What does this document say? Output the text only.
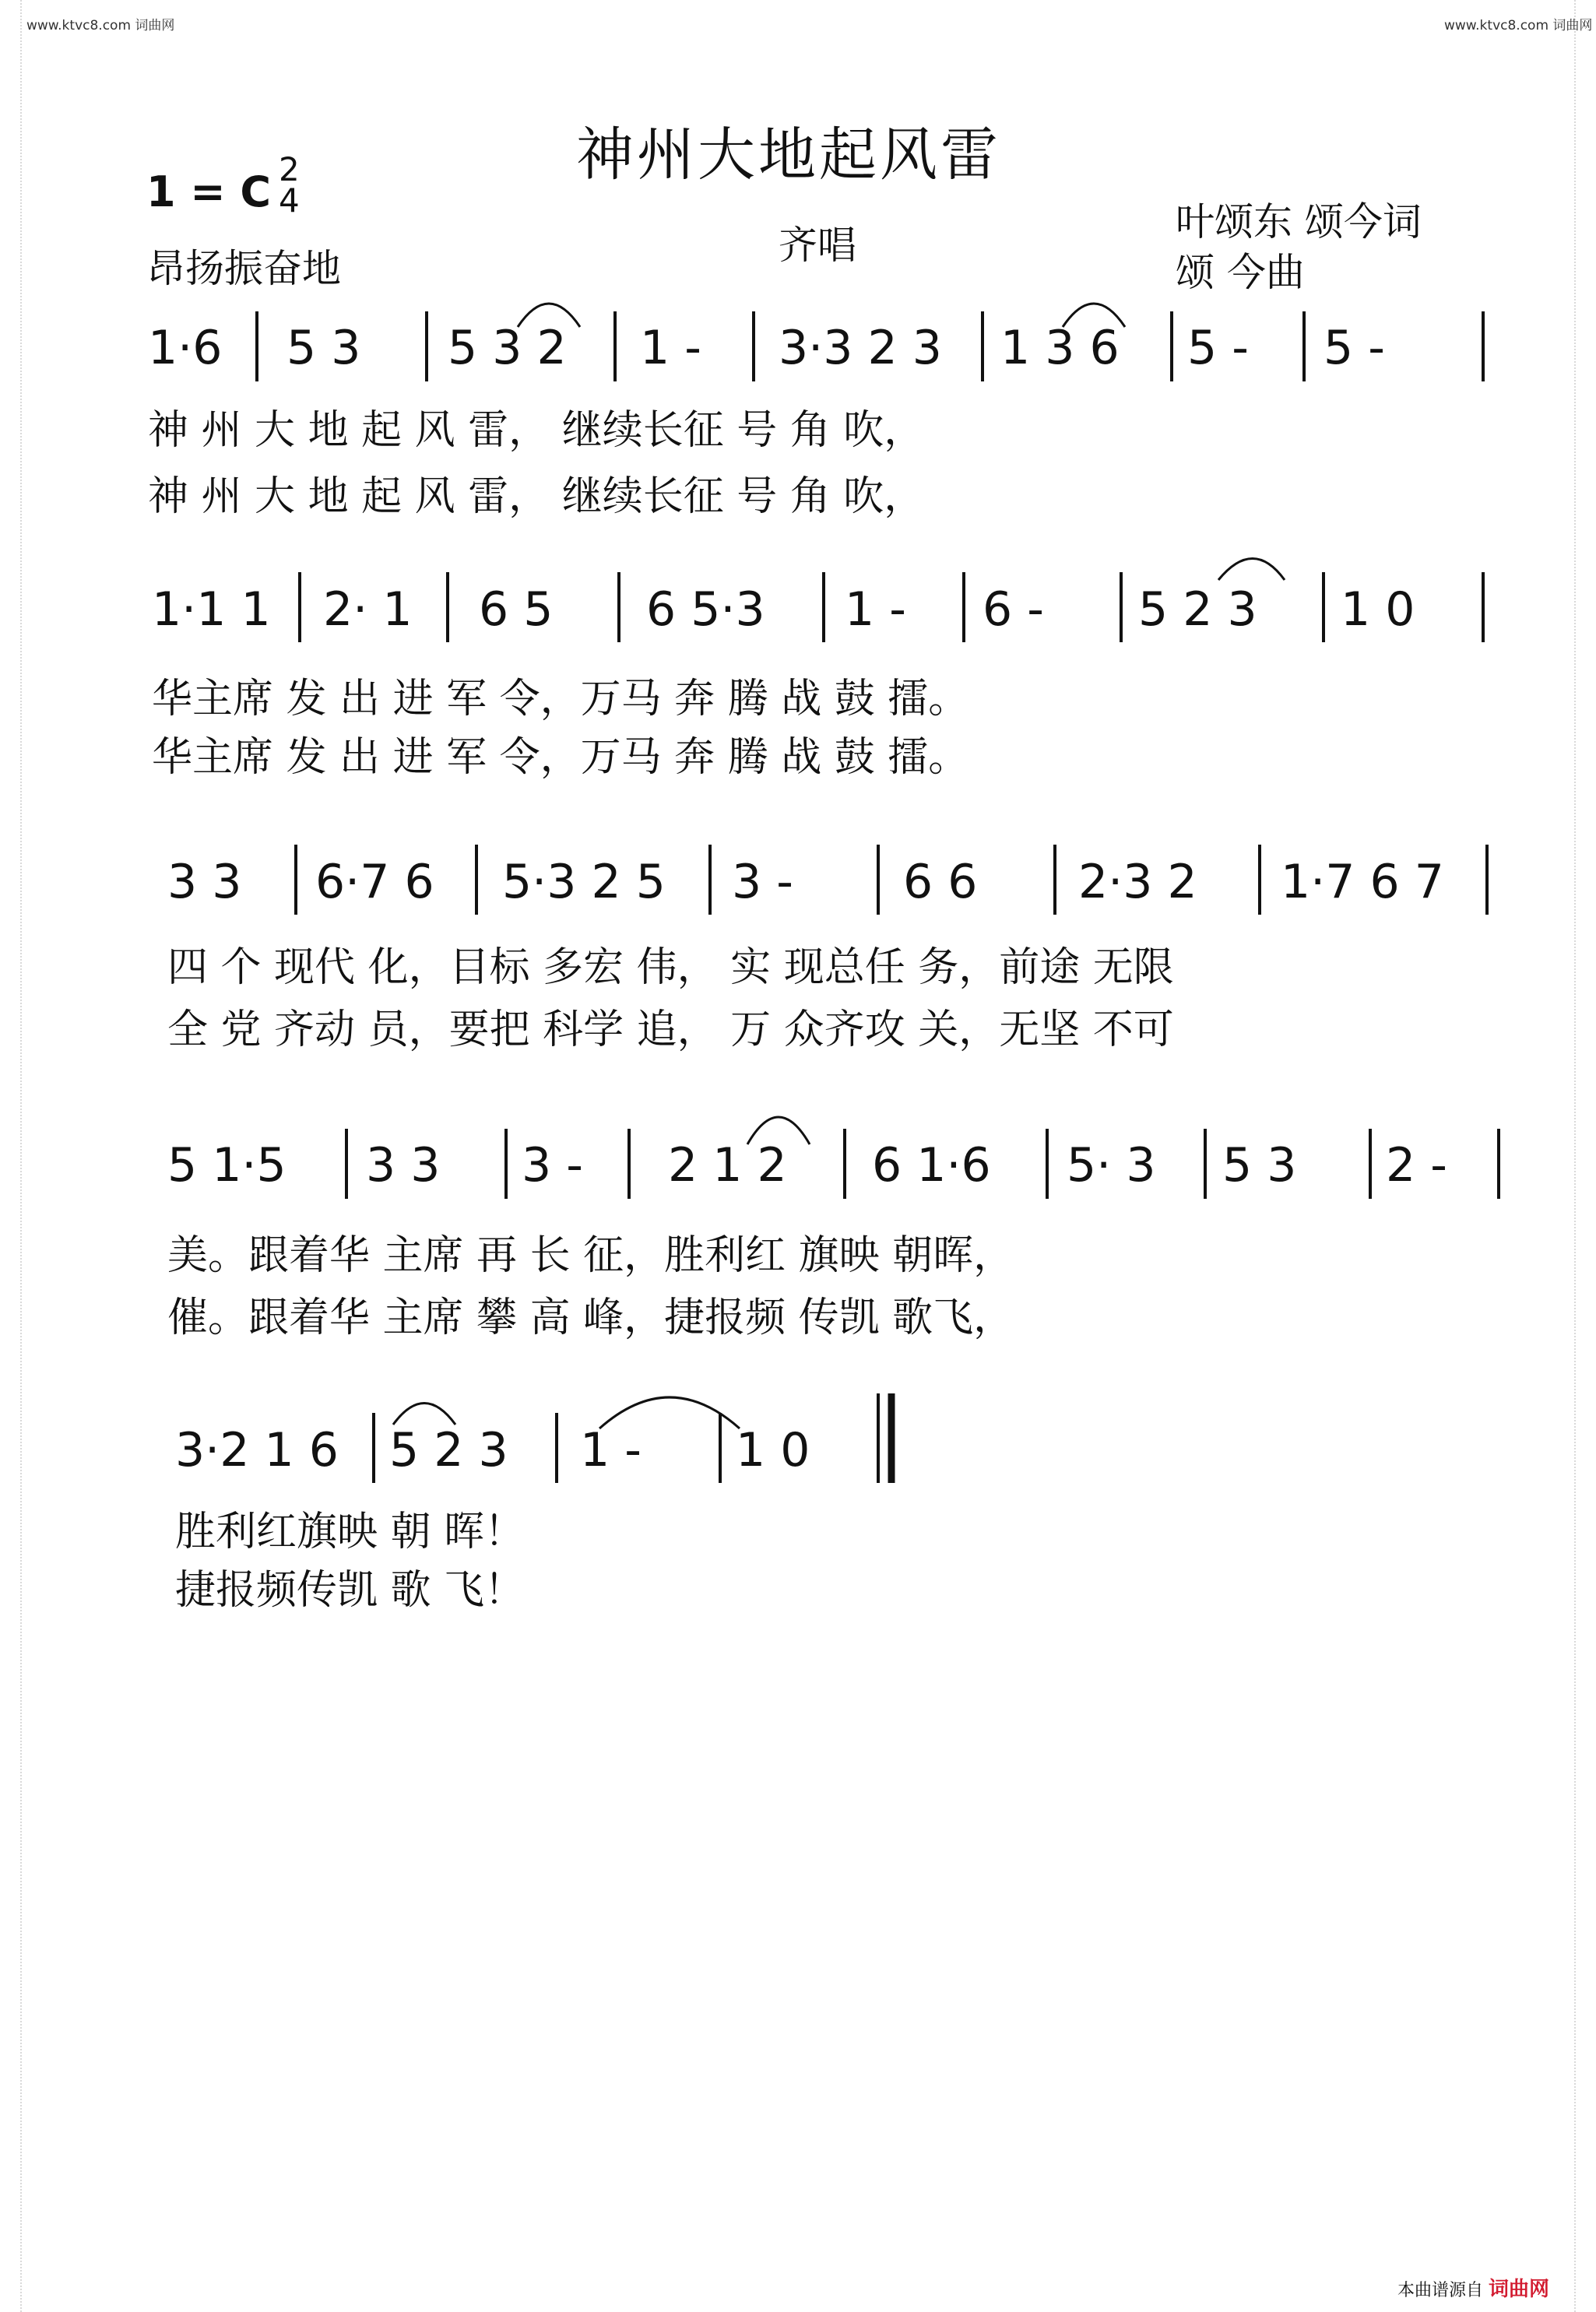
www.ktvc8.com 词曲网	www.ktvc8.com 词曲网
神州大地起风雷
1 = C 2
4
昂扬振奋地
齐唱
叶颂东 颂今词
颂 今曲
1·6 5 3 5 3 2 1 - 3·3 2 3 1 3 6 5 - 5 -
神 州 大 地 起 风 雷， 继续长征 号 角 吹，
神 州 大 地 起 风 雷， 继续长征 号 角 吹，
1·1 1 2· 1 6 5 6 5·3 1 - 6 - 5 2 3 1 0
华主席 发 出 进 军 令，万马 奔 腾 战 鼓 擂。
华主席 发 出 进 军 令，万马 奔 腾 战 鼓 擂。
3 3 6·7 6 5·3 2 5 3 - 6 6 2·3 2 1·7 6 7
四 个 现代 化，目标 多宏 伟， 实 现总任 务，前途 无限
全 党 齐动 员，要把 科学 追， 万 众齐攻 关，无坚 不可
5 1·5 3 3 3 - 2 1 2 6 1·6 5· 3 5 3 2 -
美。跟着华 主席 再 长 征，胜利红 旗映 朝晖，
催。跟着华 主席 攀 高 峰，捷报频 传凯 歌飞，
3·2 1 6 5 2 3 1 - 1 0
胜利红旗映 朝 晖！
捷报频传凯 歌 飞！
本曲谱源自 词曲网
